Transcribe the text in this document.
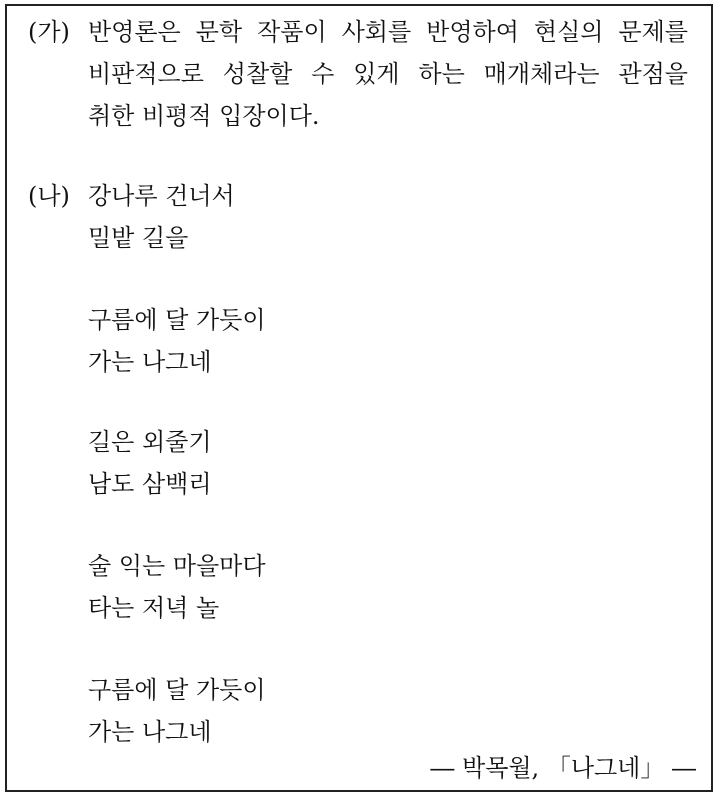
(가) 반영론은 문학 작품이 사회를 반영하여 현실의 문제를
비판적으로 성찰할 수 있게 하는 매개체라는 관점을
취한 비평적 입장이다.
(나) 강나루 건너서
밀밭 길을
구름에 달 가듯이
가는 나그네
길은 외줄기
남도 삼백리
술 익는 마을마다
타는 저녁 놀
구름에 달 가듯이
가는 나그네
― 박목월, 「나그네」 ―
